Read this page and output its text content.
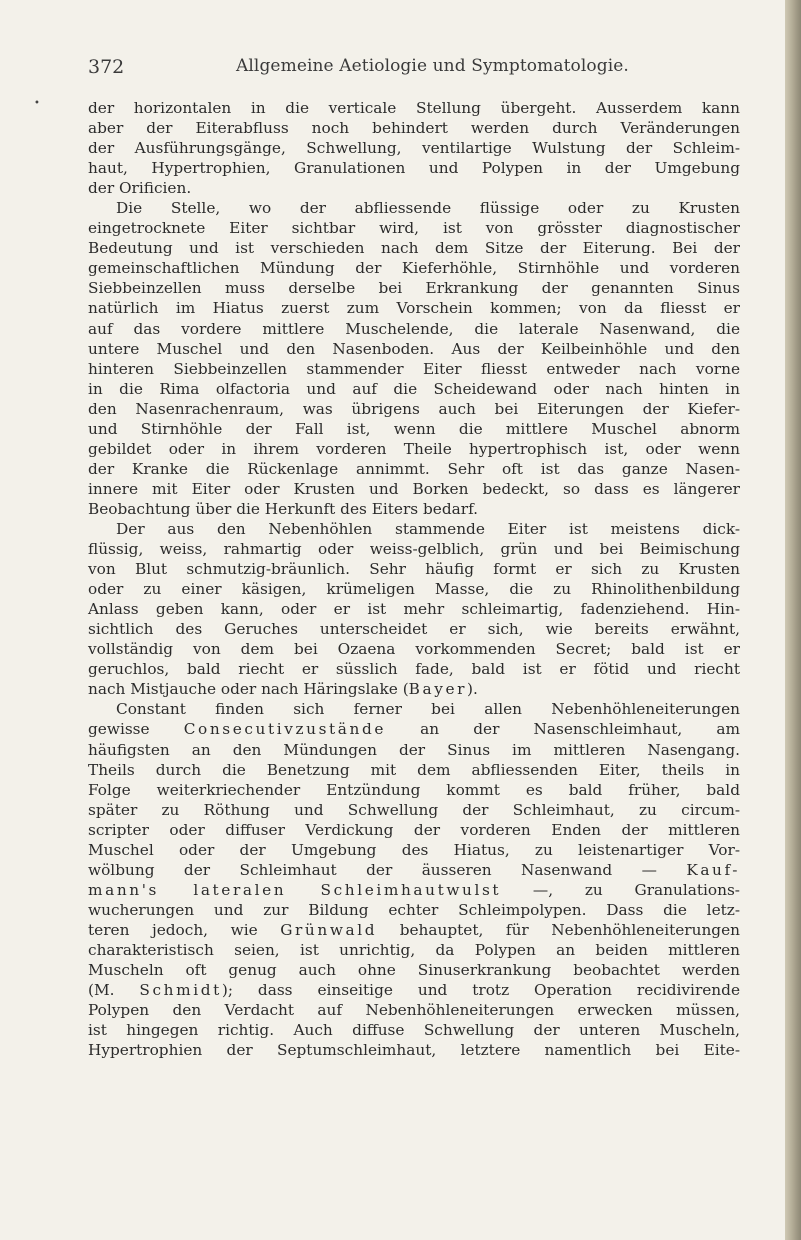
372	Allgemeine Aetiologie und Symptomatologie.
•	der horizontalen in die verticale Stellung übergeht. Ausserdem kann
aber der Eiterabfluss noch behindert werden durch Veränderungen
der Ausführungsgänge, Schwellung, ventilartige Wulstung der Schleim-
haut, Hypertrophien, Granulationen und Polypen in der Umgebung
der Orificien.
Die Stelle, wo der abfliessende flüssige oder zu Krusten
eingetrocknete Eiter sichtbar wird, ist von grösster diagnostischer
Bedeutung und ist verschieden nach dem Sitze der Eiterung. Bei der
gemeinschaftlichen Mündung der Kieferhöhle, Stirnhöhle und vorderen
Siebbeinzellen muss derselbe bei Erkrankung der genannten Sinus
natürlich im Hiatus zuerst zum Vorschein kommen; von da fliesst er
auf das vordere mittlere Muschelende, die laterale Nasenwand, die
untere Muschel und den Nasenboden. Aus der Keilbeinhöhle und den
hinteren Siebbeinzellen stammender Eiter fliesst entweder nach vorne
in die Rima olfactoria und auf die Scheidewand oder nach hinten in
den Nasenrachenraum, was übrigens auch bei Eiterungen der Kiefer-
und Stirnhöhle der Fall ist, wenn die mittlere Muschel abnorm
gebildet oder in ihrem vorderen Theile hypertrophisch ist, oder wenn
der Kranke die Rückenlage annimmt. Sehr oft ist das ganze Nasen-
innere mit Eiter oder Krusten und Borken bedeckt, so dass es längerer
Beobachtung über die Herkunft des Eiters bedarf.
Der aus den Nebenhöhlen stammende Eiter ist meistens dick-
flüssig, weiss, rahmartig oder weiss-gelblich, grün und bei Beimischung
von Blut schmutzig-bräunlich. Sehr häufig formt er sich zu Krusten
oder zu einer käsigen, krümeligen Masse, die zu Rhinolithenbildung
Anlass geben kann, oder er ist mehr schleimartig, fadenziehend. Hin-
sichtlich des Geruches unterscheidet er sich, wie bereits erwähnt,
vollständig von dem bei Ozaena vorkommenden Secret; bald ist er
geruchlos, bald riecht er süsslich fade, bald ist er fötid und riecht
nach Mistjauche oder nach Häringslake (Bayer).
Constant finden sich ferner bei allen Nebenhöhleneiterungen
gewisse Consecutivzustände an der Nasenschleimhaut, am
häufigsten an den Mündungen der Sinus im mittleren Nasengang.
Theils durch die Benetzung mit dem abfliessenden Eiter, theils in
Folge weiterkriechender Entzündung kommt es bald früher, bald
später zu Röthung und Schwellung der Schleimhaut, zu circum-
scripter oder diffuser Verdickung der vorderen Enden der mittleren
Muschel oder der Umgebung des Hiatus, zu leistenartiger Vor-
wölbung der Schleimhaut der äusseren Nasenwand — Kauf-
mann's lateralen Schleimhautwulst —, zu Granulations-
wucherungen und zur Bildung echter Schleimpolypen. Dass die letz-
teren jedoch, wie Grünwald behauptet, für Nebenhöhleneiterungen
charakteristisch seien, ist unrichtig, da Polypen an beiden mittleren
Muscheln oft genug auch ohne Sinuserkrankung beobachtet werden
(M. Schmidt); dass einseitige und trotz Operation recidivirende
Polypen den Verdacht auf Nebenhöhleneiterungen erwecken müssen,
ist hingegen richtig. Auch diffuse Schwellung der unteren Muscheln,
Hypertrophien der Septumschleimhaut, letztere namentlich bei Eite-
